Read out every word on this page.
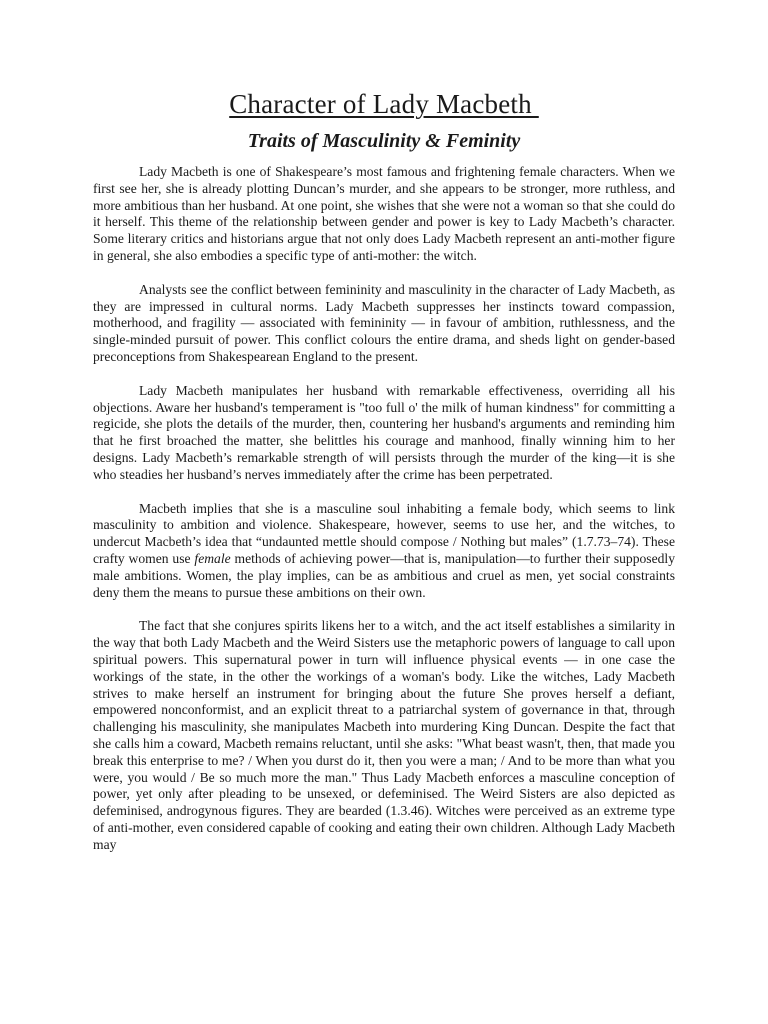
Character of Lady Macbeth
Traits of Masculinity & Feminity

Lady Macbeth is one of Shakespeare’s most famous and frightening female characters. When we first see her, she is already plotting Duncan’s murder, and she appears to be stronger, more ruthless, and more ambitious than her husband. At one point, she wishes that she were not a woman so that she could do it herself. This theme of the relationship between gender and power is key to Lady Macbeth’s character. Some literary critics and historians argue that not only does Lady Macbeth represent an anti-mother figure in general, she also embodies a specific type of anti-mother: the witch.

Analysts see the conflict between femininity and masculinity in the character of Lady Macbeth, as they are impressed in cultural norms. Lady Macbeth suppresses her instincts toward compassion, motherhood, and fragility — associated with femininity — in favour of ambition, ruthlessness, and the single-minded pursuit of power. This conflict colours the entire drama, and sheds light on gender-based preconceptions from Shakespearean England to the present.

Lady Macbeth manipulates her husband with remarkable effectiveness, overriding all his objections. Aware her husband's temperament is "too full o' the milk of human kindness" for committing a regicide, she plots the details of the murder, then, countering her husband's arguments and reminding him that he first broached the matter, she belittles his courage and manhood, finally winning him to her designs. Lady Macbeth’s remarkable strength of will persists through the murder of the king—it is she who steadies her husband’s nerves immediately after the crime has been perpetrated.

Macbeth implies that she is a masculine soul inhabiting a female body, which seems to link masculinity to ambition and violence. Shakespeare, however, seems to use her, and the witches, to undercut Macbeth’s idea that “undaunted mettle should compose / Nothing but males” (1.7.73–74). These crafty women use female methods of achieving power—that is, manipulation—to further their supposedly male ambitions. Women, the play implies, can be as ambitious and cruel as men, yet social constraints deny them the means to pursue these ambitions on their own.

The fact that she conjures spirits likens her to a witch, and the act itself establishes a similarity in the way that both Lady Macbeth and the Weird Sisters use the metaphoric powers of language to call upon spiritual powers. This supernatural power in turn will influence physical events — in one case the workings of the state, in the other the workings of a woman's body. Like the witches, Lady Macbeth strives to make herself an instrument for bringing about the future She proves herself a defiant, empowered nonconformist, and an explicit threat to a patriarchal system of governance in that, through challenging his masculinity, she manipulates Macbeth into murdering King Duncan. Despite the fact that she calls him a coward, Macbeth remains reluctant, until she asks: "What beast wasn't, then, that made you break this enterprise to me? / When you durst do it, then you were a man; / And to be more than what you were, you would / Be so much more the man." Thus Lady Macbeth enforces a masculine conception of power, yet only after pleading to be unsexed, or defeminised. The Weird Sisters are also depicted as defeminised, androgynous figures. They are bearded (1.3.46). Witches were perceived as an extreme type of anti-mother, even considered capable of cooking and eating their own children. Although Lady Macbeth may
